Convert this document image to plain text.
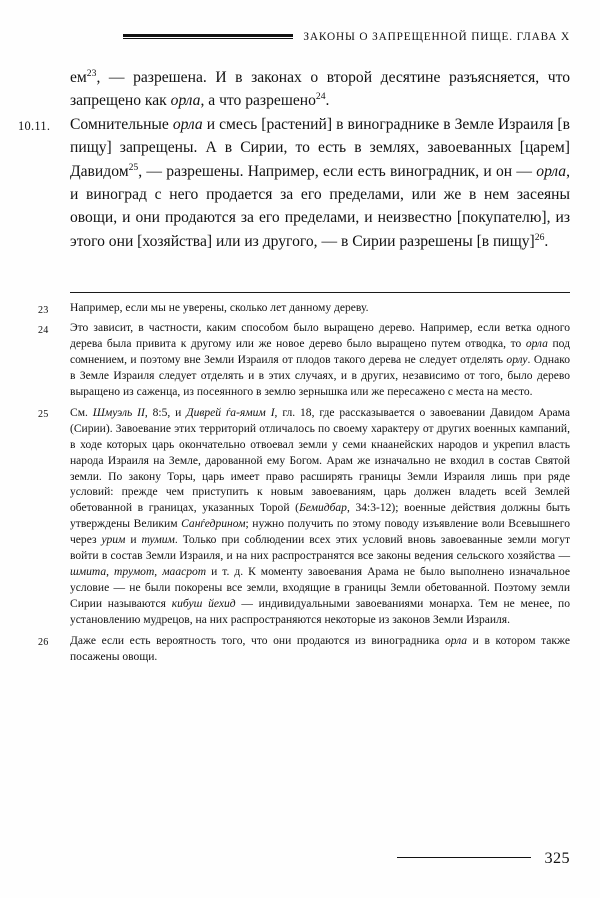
ЗАКОНЫ О ЗАПРЕЩЕННОЙ ПИЩЕ. ГЛАВА X

$ем^{23}$, — разрешена. И в законах о второй десятине разъясняется, что запрещено как орла, а что разрешено$^{24}$.

10.11. Сомнительные орла и смесь [растений] в винограднике в Земле Израиля [в пищу] запрещены. А в Сирии, то есть в землях, завоеванных [царем] Давидом$^{25}$, — разрешены. Например, если есть виноградник, и он — орла, и виноград с него продается за его пределами, или же в нем засеяны овощи, и они продаются за его пределами, и неизвестно [покупателю], из этого они [хозяйства] или из другого, — в Сирии разрешены [в пищу]$^{26}$.

23	Например, если мы не уверены, сколько лет данному дереву.
24	Это зависит, в частности, каким способом было выращено дерево. Например, если ветка одного дерева была привита к другому или же новое дерево было выращено путем отводка, то орла под сомнением, и поэтому вне Земли Израиля от плодов такого дерева не следует отделять орлу. Однако в Земле Израиля следует отделять и в этих случаях, и в других, независимо от того, было дерево выращено из саженца, из посеянного в землю зернышка или же пересажено с места на место.
25	См. Шмуэль II, 8:5, и Диврей ѓа-ямим I, гл. 18, где рассказывается о завоевании Давидом Арама (Сирии). Завоевание этих территорий отличалось по своему характеру от других военных кампаний, в ходе которых царь окончательно отвоевал земли у семи кнаанейских народов и укрепил власть народа Израиля на Земле, дарованной ему Богом. Арам же изначально не входил в состав Святой земли. По закону Торы, царь имеет право расширять границы Земли Израиля лишь при ряде условий: прежде чем приступить к новым завоеваниям, царь должен владеть всей Землей обетованной в границах, указанных Торой (Бемидбар, 34:3-12); военные действия должны быть утверждены Великим Санѓедрином; нужно получить по этому поводу изъявление воли Всевышнего через урим и тумим. Только при соблюдении всех этих условий вновь завоеванные земли могут войти в состав Земли Израиля, и на них распространятся все законы ведения сельского хозяйства — шмита, трумот, маасрот и т. д. К моменту завоевания Арама не было выполнено изначальное условие — не были покорены все земли, входящие в границы Земли обетованной. Поэтому земли Сирии называются кибуш йехид — индивидуальными завоеваниями монарха. Тем не менее, по установлению мудрецов, на них распространяются некоторые из законов Земли Израиля.
26	Даже если есть вероятность того, что они продаются из виноградника орла и в котором также посажены овощи.
325
